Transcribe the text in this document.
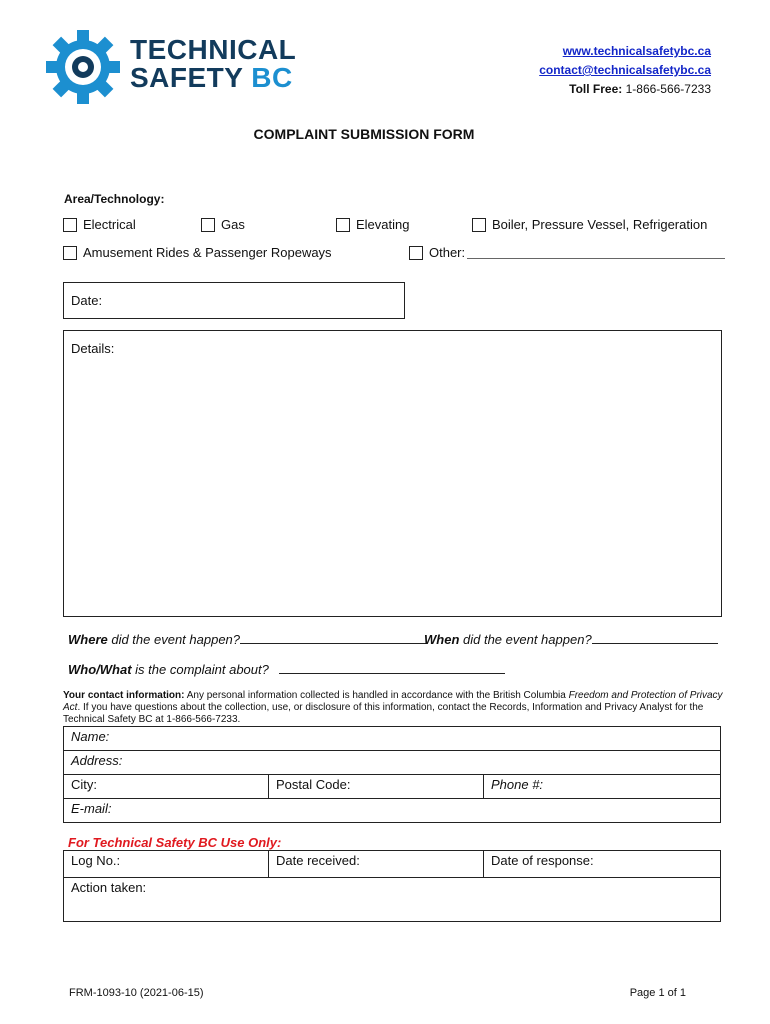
TECHNICAL
SAFETY BC
www.technicalsafetybc.ca
contact@technicalsafetybc.ca
Toll Free: 1-866-566-7233
COMPLAINT SUBMISSION FORM
Area/Technology:
Electrical	Gas	Elevating	Boiler, Pressure Vessel, Refrigeration
Amusement Rides & Passenger Ropeways	Other:
Date:
Details:
Where did the event happen?	When did the event happen?
Who/What is the complaint about?
Your contact information: Any personal information collected is handled in accordance with the British Columbia Freedom and Protection of Privacy Act. If you have questions about the collection, use, or disclosure of this information, contact the Records, Information and Privacy Analyst for the Technical Safety BC at 1-866-566-7233.
Name:
Address:
City:	Postal Code:	Phone #:
E-mail:
For Technical Safety BC Use Only:
Log No.:	Date received:	Date of response:
Action taken:
FRM-1093-10 (2021-06-15)	Page 1 of 1
